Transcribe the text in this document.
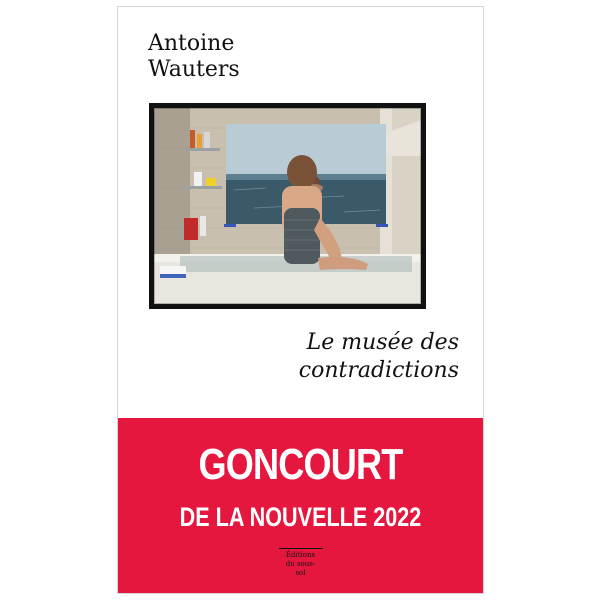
Antoine
Wauters
Le musée des
contradictions

GONCOURT

DE LA NOUVELLE 2022

Éditions
du sous-
sol
